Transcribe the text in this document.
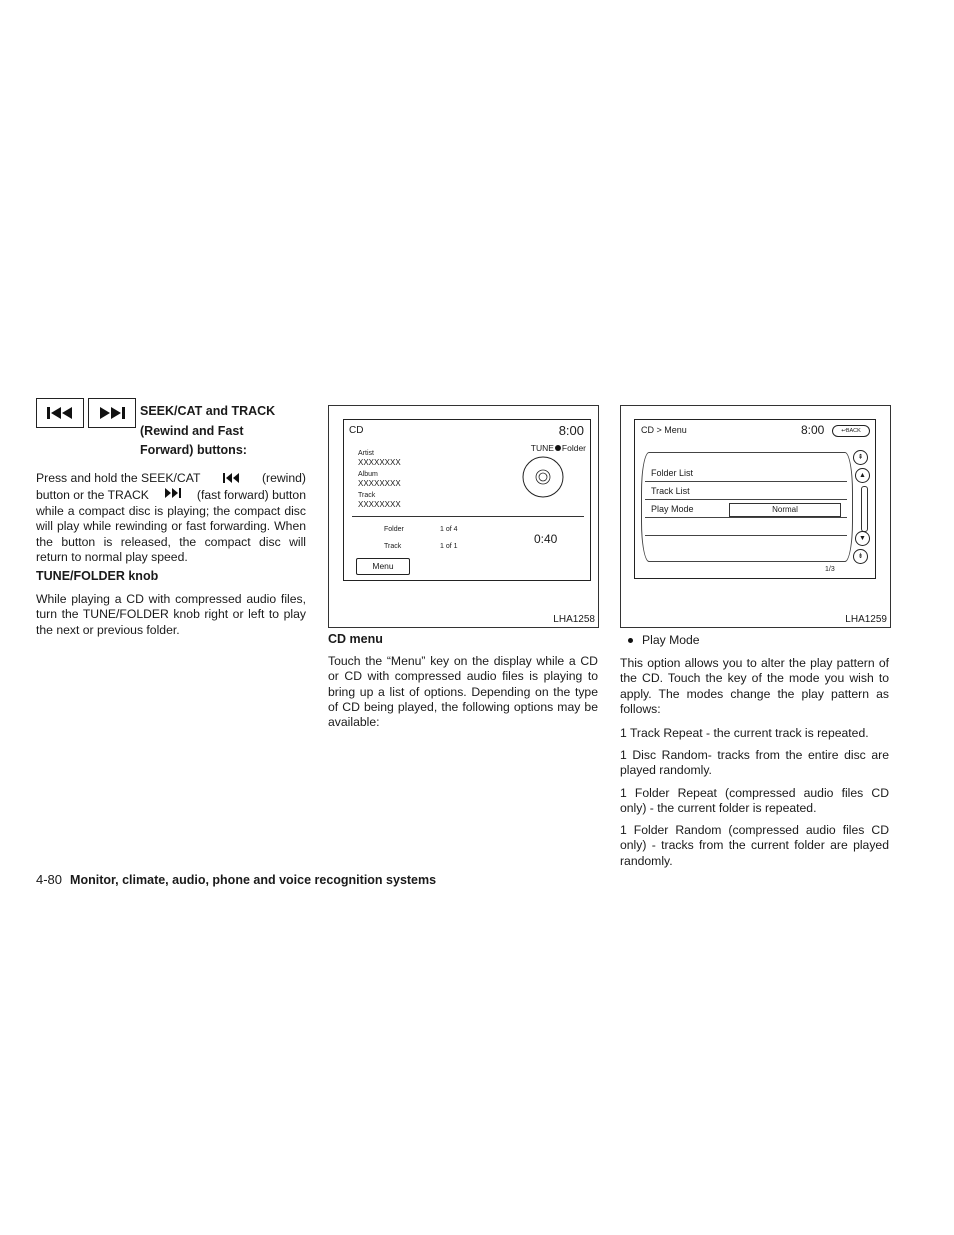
SEEK/CAT and TRACK
(Rewind and Fast
Forward) buttons:
Press and hold the SEEK/CAT	(rewind)
button or the TRACK	(fast forward) button

while a compact disc is playing; the compact disc will play while rewinding or fast forwarding. When the button is released, the compact disc will return to normal play speed.

TUNE/FOLDER knob

While playing a CD with compressed audio files, turn the TUNE/FOLDER knob right or left to play the next or previous folder.

CD	8:00
TUNE Folder
Artist
XXXXXXXX
Album
XXXXXXXX
Track
XXXXXXXX
Folder	1 of 4
Track	1 of 1
0:40
Menu
LHA1258
CD > Menu	8:00	↩BACK
Folder List
Track List
Play Mode	Normal
1/3
⇞
▲
▼
⇟
LHA1259
CD menu

Touch the “Menu” key on the display while a CD or CD with compressed audio files is playing to bring up a list of options. Depending on the type of CD being played, the following options may be available:

Play Mode

This option allows you to alter the play pattern of the CD. Touch the key of the mode you wish to apply. The modes change the play pattern as follows:

1 Track Repeat - the current track is repeated.

1 Disc Random- tracks from the entire disc are played randomly.

1 Folder Repeat (compressed audio files CD only) - the current folder is repeated.

1 Folder Random (compressed audio files CD only) - tracks from the current folder are played randomly.

4-80 Monitor, climate, audio, phone and voice recognition systems
